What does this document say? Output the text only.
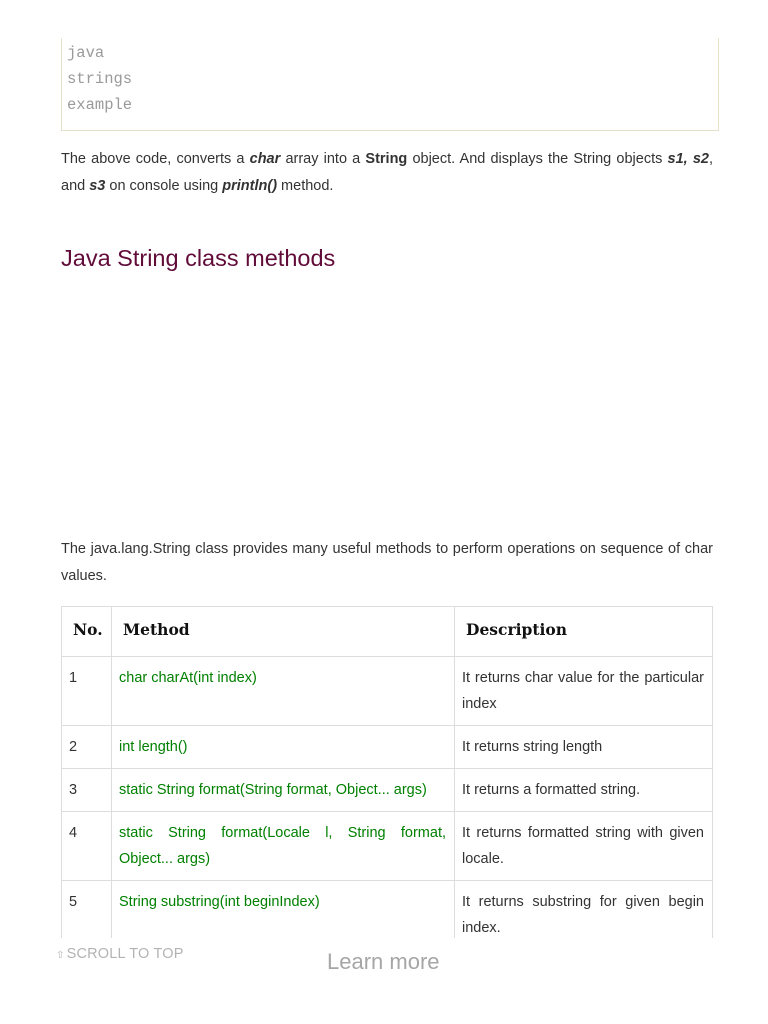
java
strings
example
The above code, converts a char array into a String object. And displays the String objects s1, s2, and s3 on console using println() method.
Java String class methods
The java.lang.String class provides many useful methods to perform operations on sequence of char values.
No.	Method	Description
1	char charAt(int index)	It returns char value for the particular index
2	int length()	It returns string length
3	static String format(String format, Object... args)	It returns a formatted string.
4	static String format(Locale l, String format, Object... args)	It returns formatted string with given locale.
5	String substring(int beginIndex)	It returns substring for given begin index.
⇧ SCROLL TO TOP	Learn more
